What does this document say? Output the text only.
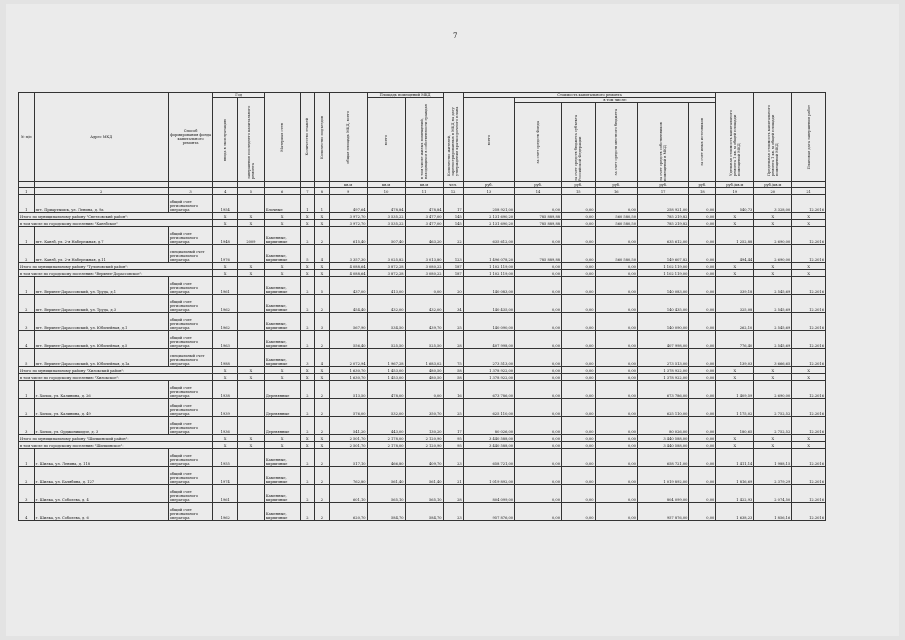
7
№ п/п	Адрес МКД	Способ формирования фонда капитального ремонта	Год		Материал стен	Количество этажей	Количество подъездов	общая площадь МКД, всего	Площадь помещений МКД		Количество жителей, зарегистрированных в МКД на дату утверждения краткосрочного плана	Стоимость капитального ремонта						Удельная стоимость капитального ремонта 1 кв. м общей площади помещений МКД	Предельная стоимость капитального ремонта 1 кв. м общей площади помещений МКД	Плановая дата завершения работ

			ввода в эксплуатацию	завершения последнего капитального ремонта					всего	в том числе жилых помещений, находящихся в собственности граждан		всего	в том числе:							

													за счет средств Фонда	за счет средств бюджета субъекта Российской Федерации	за счет средств местного бюджета	за счет средств собственников помещений в МКД	за счет иных источников			

								кв.м	кв.м	кв.м	чел.	руб.	руб.	руб.	руб.	руб.	руб.	руб./кв.м	руб./кв.м	
1	2	3	4	5	6	7	8	9	10	11	12	13	14	15	16	17	18	19	20	21
1	пгт. Приартышск, ул. Ленина, д. 9а	общий счет регионального оператора	1954		Блочные	1	1	497,64	478,84	478,84	17	258 921,00	0,00	0,00	0,00	258 921,00	0,00	540,73	3 328,00	12.2016
Итого по муниципальному району "Светловский район":			X	X	X	X	X	3 972,70	3 535,22	3 477,00	145	2 131 690,20	785 889,88	0,00	560 580,50	785 219,82	0,00	X	X	X
в том числе по городскому поселению "Канзбское"			X	X	X	X	X	3 972,70	3 535,22	3 477,00	145	2 131 690,20	785 889,88	0,00	560 580,50	785 219,82	0,00	X	X	X
1	пгт. Канзб, ул. 2-я Набережная, д.7	общий счет регионального оператора	1948	2009	Каменные, кирпичные	2	2	615,40	507,40	463,20	22	635 612,00	0,00	0,00	0,00	635 612,00	0,00	1 252,88	2 690,00	12.2016
2	пгт. Канзб, ул. 2-я Набережная, д.11	специальный счет регионального оператора	1976		Каменные, кирпичные	5	4	3 357,30	3 025,82	3 013,80	123	1 496 078,20	785 889,88	0,00	560 580,50	149 607,82	0,00	494,44	2 690,00	12.2016
Итого по муниципальному району "Тулоновский район":			X	X	X	X	X	4 088,64	3 872,28	3 080,22	187	1 102 119,00	0,00	0,00	0,00	1 102 119,00	0,00	X	X	X
в том числе по городскому поселению "Верхнее-Дорассовское":			X	X	X	X	X	4 088,64	3 872,28	3 080,22	187	1 102 119,00	0,00	0,00	0,00	1 102 119,00	0,00	X	X	X
1	пгт. Верхнее-Дарассовский, ул. Труда, д.1	общий счет регионального оператора	1961		Каменные, кирпичные	2	5	437,00	413,00	0,00	20	140 083,00	0,00	0,00	0,00	140 083,00	0,00	339,18	2 545,69	12.2016
2	пгт. Верхнее-Дарассовский, ул. Труда, д.3	общий счет регионального оператора	1962		Каменные, кирпичные	2	2	454,40	432,00	432,00	34	140 435,00	0,00	0,00	0,00	140 435,00	0,00	325,08	2 545,69	12.2016
3	пгт. Верхнее-Дарассовский, ул. Юбилейная, д.1	общий счет регионального оператора	1962		Каменные, кирпичные	2	3	567,90	534,50	439,70	25	140 090,00	0,00	0,00	0,00	140 090,00	0,00	262,10	2 545,69	12.2016
4	пгт. Верхнее-Дарассовский, ул. Юбилейная, д.5	общий счет регионального оператора	1963		Каменные, кирпичные	2	2	556,40	525,50	525,50	28	407 998,00	0,00	0,00	0,00	407 998,00	0,00	776,40	2 545,69	12.2016
5	пгт. Верхнее-Дарассовский, ул. Юбилейная, д.1а	специальный счет регионального оператора	1988		Каменные, кирпичные	3	4	2 072,94	1 967,28	1 683,02	75	273 513,00	0,00	0,00	0,00	273 513,00	0,00	139,03	3 666,65	12.2016
Итого по муниципальному району "Хилокский район":			X	X	X	X	X	1 630,70	1 453,00	480,50	58	1 378 922,00	0,00	0,00	0,00	1 378 922,00	0,00	X	X	X
в том числе по городскому поселению "Хилокское":			X	X	X	X	X	1 630,70	1 453,00	480,50	58	1 378 922,00	0,00	0,00	0,00	1 378 922,00	0,00	X	X	X
1	г. Хилок, ул. Калинина, д. 26	общий счет регионального оператора	1938		Деревянные	2	2	513,50	478,00	0,00	16	673 786,00	0,00	0,00	0,00	673 786,00	0,00	1 409,59	2 690,00	12.2016
2	г. Хилок, ул. Калинина, д. 49	общий счет регионального оператора	1939		Деревянные	2	2	576,00	532,00	350,70	25	625 110,00	0,00	0,00	0,00	625 110,00	0,00	1 175,02	2 752,52	12.2016
3	г. Хилок, ул. Орджоникидзе, д. 3	общий счет регионального оператора	1936		Деревянные	2	2	541,20	443,00	130,20	17	80 026,00	0,00	0,00	0,00	80 026,00	0,00	180,65	2 752,52	12.2016
Итого по муниципальному району "Шилкинский район":			X	X	X	X	X	2 501,70	2 178,00	2 120,90	95	3 440 588,00	0,00	0,00	0,00	3 440 588,00	0,00	X	X	X
в том числе по городскому поселению "Шилкинское":			X	X	X	X	X	2 501,70	2 178,00	2 120,90	95	3 440 588,00	0,00	0,00	0,00	3 440 588,00	0,00	X	X	X
1	г. Шилка, ул. Ленина, д. 118	общий счет регионального оператора	1955		Каменные, кирпичные	2	2	517,10	466,80	409,70	23	658 721,00	0,00	0,00	0,00	658 721,00	0,00	1 411,14	1 988,15	12.2016
2	г. Шилка, ул. Балябина, д. 127	общий счет регионального оператора	1974		Каменные, кирпичные	2	2	762,80	561,40	561,40	21	1 019 892,00	0,00	0,00	0,00	1 019 892,00	0,00	1 816,69	2 379,29	12.2016
3	г. Шилка, ул. Соболева, д. 4	общий счет регионального оператора	1961		Каменные, кирпичные	2	2	601,10	565,10	565,10	28	804 099,00	0,00	0,00	0,00	804 099,00	0,00	1 422,93	2 074,50	12.2016
4	г. Шилка, ул. Соболева, д. 6	общий счет регионального оператора	1962		Каменные, кирпичные	2	2	620,70	584,70	584,70	23	957 876,00	0,00	0,00	0,00	957 876,00	0,00	1 638,23	1 856,16	12.2016
